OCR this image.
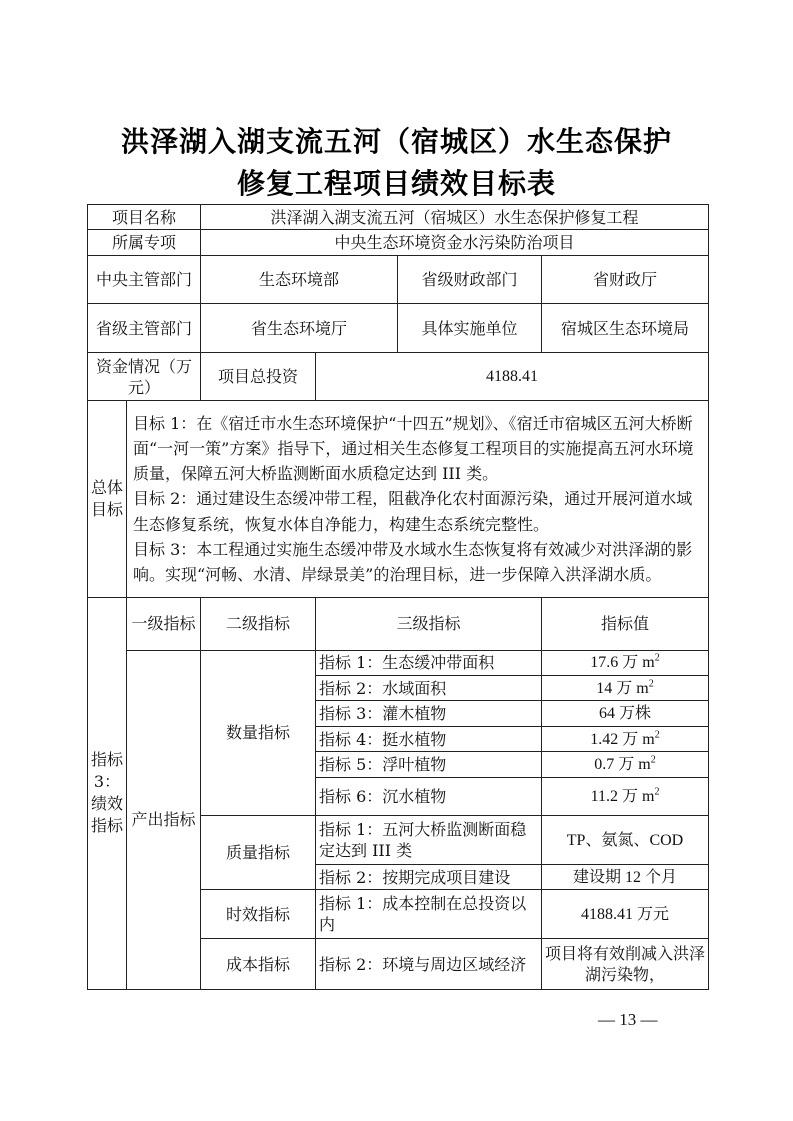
洪泽湖入湖支流五河（宿城区）水生态保护
修复工程项目绩效目标表
项目名称		洪泽湖入湖支流五河（宿城区）水生态保护修复工程			
所属专项		中央生态环境资金水污染防治项目			
中央主管部门		生态环境部		省级财政部门	省财政厅
省级主管部门		省生态环境厅		具体实施单位	宿城区生态环境局
资金情况（万元）		项目总投资	4188.41		
总体目标	目标 1：在《宿迁市水生态环境保护“十四五”规划》、《宿迁市宿城区五河大桥断面“一河一策”方案》指导下，通过相关生态修复工程项目的实施提高五河水环境质量，保障五河大桥监测断面水质稳定达到 III 类。

目标 2：通过建设生态缓冲带工程，阻截净化农村面源污染，通过开展河道水域生态修复系统，恢复水体自净能力，构建生态系统完整性。

目标 3：本工程通过实施生态缓冲带及水域水生态恢复将有效减少对洪泽湖的影响。实现“河畅、水清、岸绿景美”的治理目标，进一步保障入洪泽湖水质。				

指标 3：绩效指标	一级指标	二级指标	三级指标		指标值
	产出指标	数量指标	指标 1：生态缓冲带面积		17.6 万 $m^2$
			指标 2：水域面积		14 万 $m^2$
			指标 3：灌木植物		64 万株
			指标 4：挺水植物		1.42 万 $m^2$
			指标 5：浮叶植物		0.7 万 $m^2$
			指标 6：沉水植物		11.2 万 $m^2$
		质量指标	指标 1：五河大桥监测断面稳定达到 III 类		TP、氨氮、COD
			指标 2：按期完成项目建设		建设期 12 个月
		时效指标	指标 1：成本控制在总投资以内		4188.41 万元
		成本指标	指标 2：环境与周边区域经济		项目将有效削减入洪泽湖污染物，
— 13 —
